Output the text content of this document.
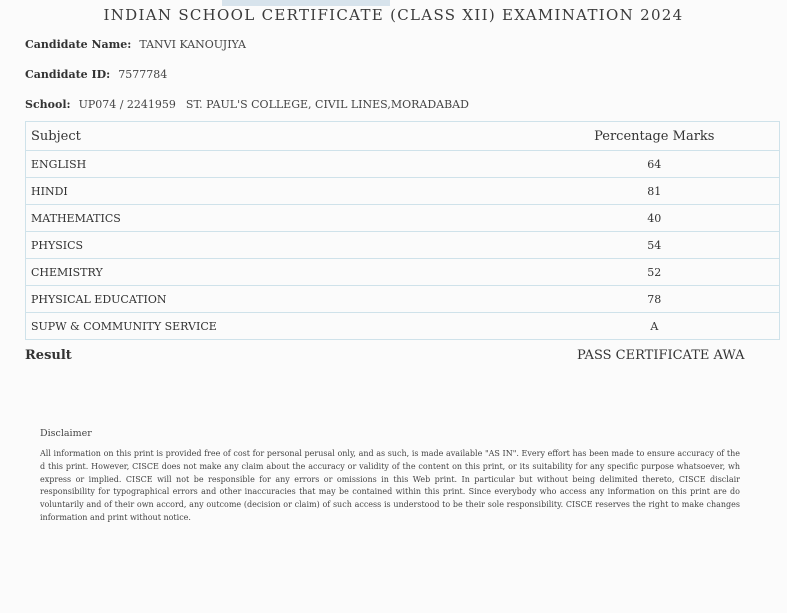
INDIAN SCHOOL CERTIFICATE (CLASS XII) EXAMINATION 2024
Candidate Name: TANVI KANOUJIYA
Candidate ID: 7577784
School: UP074 / 2241959 ST. PAUL'S COLLEGE, CIVIL LINES,MORADABAD
Subject	Percentage Marks
ENGLISH	64
HINDI	81
MATHEMATICS	40
PHYSICS	54
CHEMISTRY	52
PHYSICAL EDUCATION	78
SUPW & COMMUNITY SERVICE	A
Result	PASS CERTIFICATE AWA
Disclaimer
All information on this print is provided free of cost for personal perusal only, and as such, is made available "AS IN". Every effort has been made to ensure accuracy of the d this print. However, CISCE does not make any claim about the accuracy or validity of the content on this print, or its suitability for any specific purpose whatsoever, wh express or implied. CISCE will not be responsible for any errors or omissions in this Web print. In particular but without being delimited thereto, CISCE disclair responsibility for typographical errors and other inaccuracies that may be contained within this print. Since everybody who access any information on this print are do voluntarily and of their own accord, any outcome (decision or claim) of such access is understood to be their sole responsibility. CISCE reserves the right to make changes information and print without notice.
